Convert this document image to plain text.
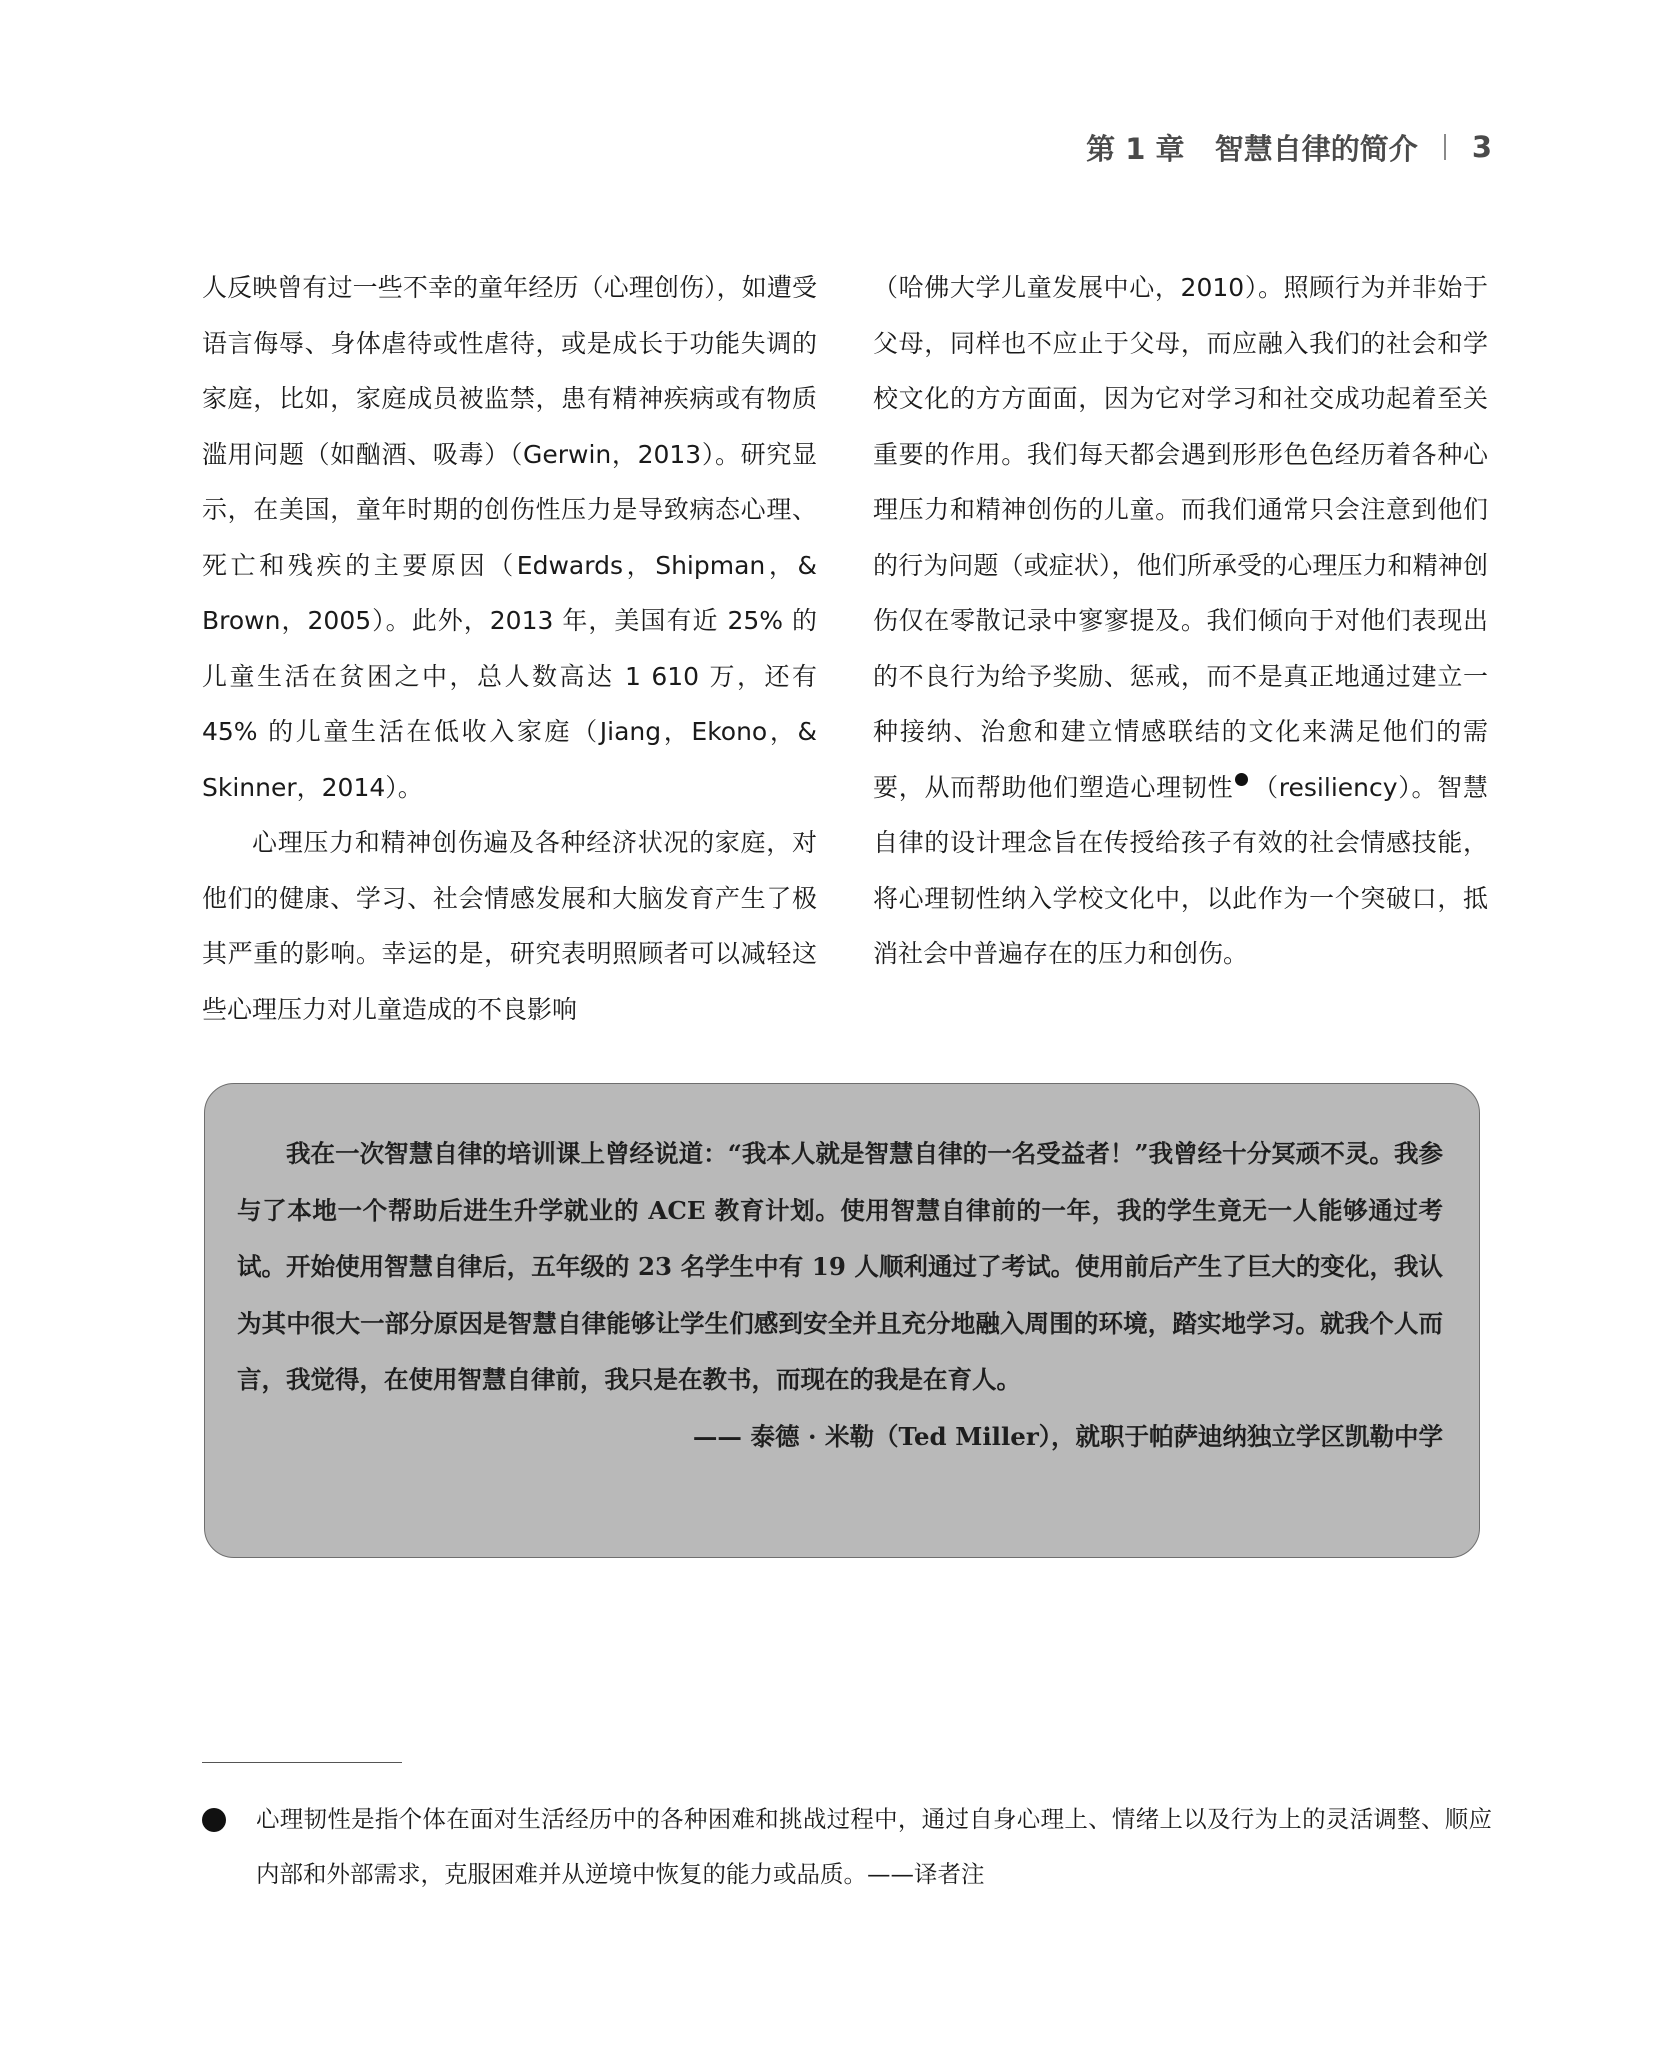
第 1 章 智慧自律的简介 3

人反映曾有过一些不幸的童年经历（心理创伤），如遭受语言侮辱、身体虐待或性虐待，或是成长于功能失调的家庭，比如，家庭成员被监禁，患有精神疾病或有物质滥用问题（如酗酒、吸毒）（Gerwin，2013）。研究显示，在美国，童年时期的创伤性压力是导致病态心理、死亡和残疾的主要原因（Edwards，Shipman，& Brown，2005）。此外，2013 年，美国有近 25% 的儿童生活在贫困之中，总人数高达 1 610 万，还有 45% 的儿童生活在低收入家庭（Jiang，Ekono，& Skinner，2014）。

心理压力和精神创伤遍及各种经济状况的家庭，对他们的健康、学习、社会情感发展和大脑发育产生了极其严重的影响。幸运的是，研究表明照顾者可以减轻这些心理压力对儿童造成的不良影响

（哈佛大学儿童发展中心，2010）。照顾行为并非始于父母，同样也不应止于父母，而应融入我们的社会和学校文化的方方面面，因为它对学习和社交成功起着至关重要的作用。我们每天都会遇到形形色色经历着各种心理压力和精神创伤的儿童。而我们通常只会注意到他们的行为问题（或症状），他们所承受的心理压力和精神创伤仅在零散记录中寥寥提及。我们倾向于对他们表现出的不良行为给予奖励、惩戒，而不是真正地通过建立一种接纳、治愈和建立情感联结的文化来满足他们的需要，从而帮助他们塑造心理韧性 （resiliency）。智慧自律的设计理念旨在传授给孩子有效的社会情感技能，将心理韧性纳入学校文化中，以此作为一个突破口，抵消社会中普遍存在的压力和创伤。

我在一次智慧自律的培训课上曾经说道：“我本人就是智慧自律的一名受益者！”我曾经十分冥顽不灵。我参与了本地一个帮助后进生升学就业的 ACE 教育计划。使用智慧自律前的一年，我的学生竟无一人能够通过考试。开始使用智慧自律后，五年级的 23 名学生中有 19 人顺利通过了考试。使用前后产生了巨大的变化，我认为其中很大一部分原因是智慧自律能够让学生们感到安全并且充分地融入周围的环境，踏实地学习。就我个人而言，我觉得，在使用智慧自律前，我只是在教书，而现在的我是在育人。

—— 泰德 · 米勒（Ted Miller），就职于帕萨迪纳独立学区凯勒中学

心理韧性是指个体在面对生活经历中的各种困难和挑战过程中，通过自身心理上、情绪上以及行为上的灵活调整、顺应内部和外部需求，克服困难并从逆境中恢复的能力或品质。——译者注
